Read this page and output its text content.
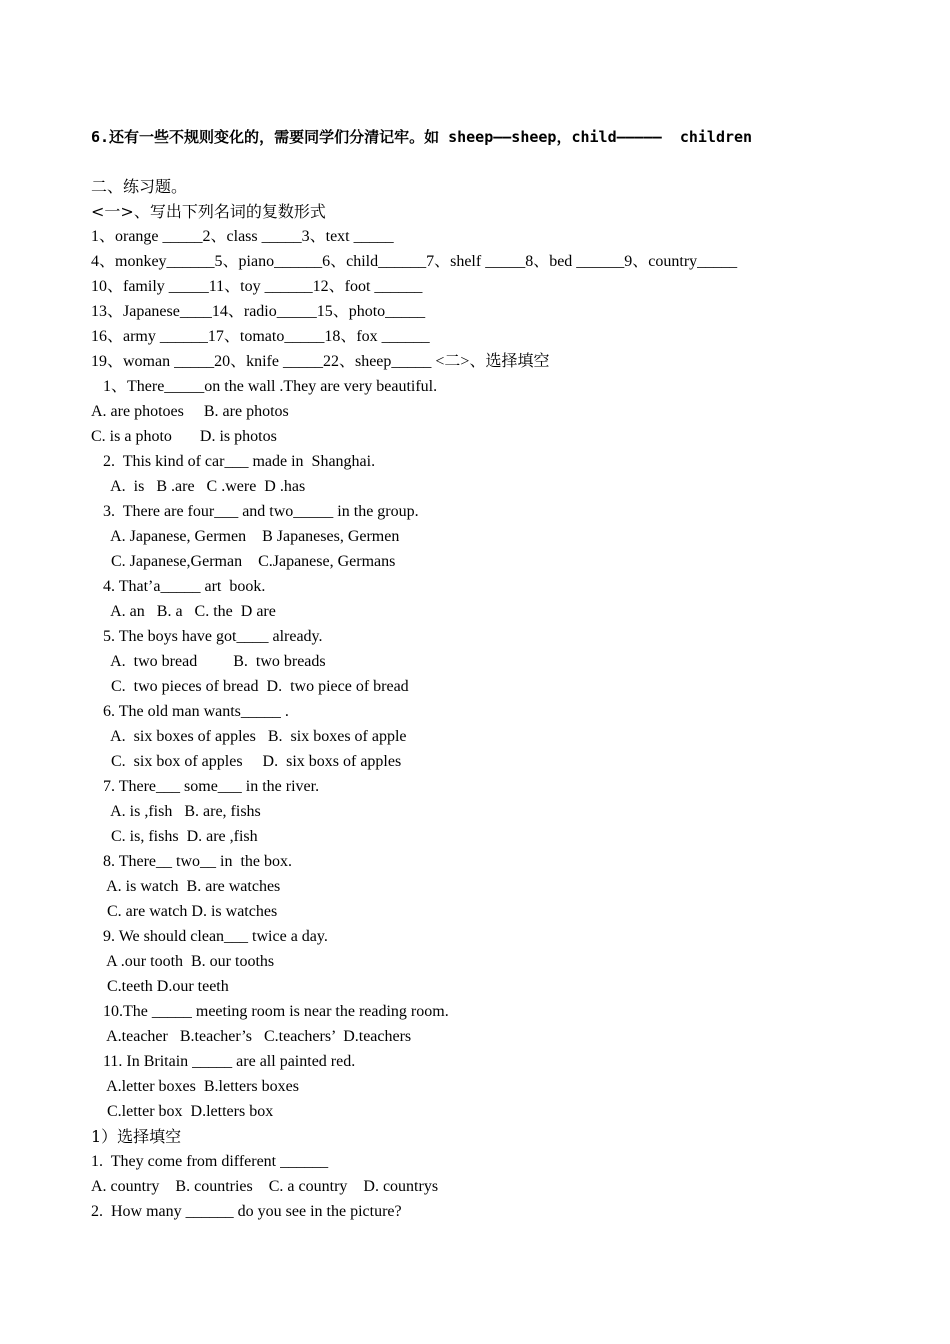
6.还有一些不规则变化的，需要同学们分清记牢。如 sheep——sheep，child—————  children
二、练习题。
<一>、写出下列名词的复数形式
1、orange _____2、class _____3、text _____
4、monkey______5、piano______6、child______7、shelf _____8、bed ______9、country_____
10、family _____11、toy ______12、foot ______
13、Japanese____14、radio_____15、photo_____
16、army ______17、tomato_____18、fox ______
19、woman _____20、knife _____22、sheep_____ <二>、选择填空
1、There_____on the wall .They are very beautiful.
A. are photoes     B. are photos
C. is a photo       D. is photos
2.  This kind of car___ made in  Shanghai.
A.  is   B .are   C .were  D .has
3.  There are four___ and two_____ in the group.
A. Japanese, Germen    B Japaneses, Germen
C. Japanese,German    C.Japanese, Germans
4. That’a_____ art  book.
A. an   B. a   C. the  D are
5. The boys have got____ already.
A.  two bread         B.  two breads
C.  two pieces of bread  D.  two piece of bread
6. The old man wants_____ .
A.  six boxes of apples   B.  six boxes of apple
C.  six box of apples     D.  six boxs of apples
7. There___ some___ in the river.
A. is ,fish   B. are, fishs
C. is, fishs  D. are ,fish
8. There__ two__ in  the box.
A. is watch  B. are watches
C. are watch D. is watches
9. We should clean___ twice a day.
A .our tooth  B. our tooths
C.teeth D.our teeth
10.The _____ meeting room is near the reading room.
A.teacher   B.teacher’s   C.teachers’  D.teachers
11. In Britain _____ are all painted red.
A.letter boxes  B.letters boxes
C.letter box  D.letters box
1）选择填空
1.  They come from different ______
A. country    B. countries    C. a country    D. countrys
2.  How many ______ do you see in the picture?
